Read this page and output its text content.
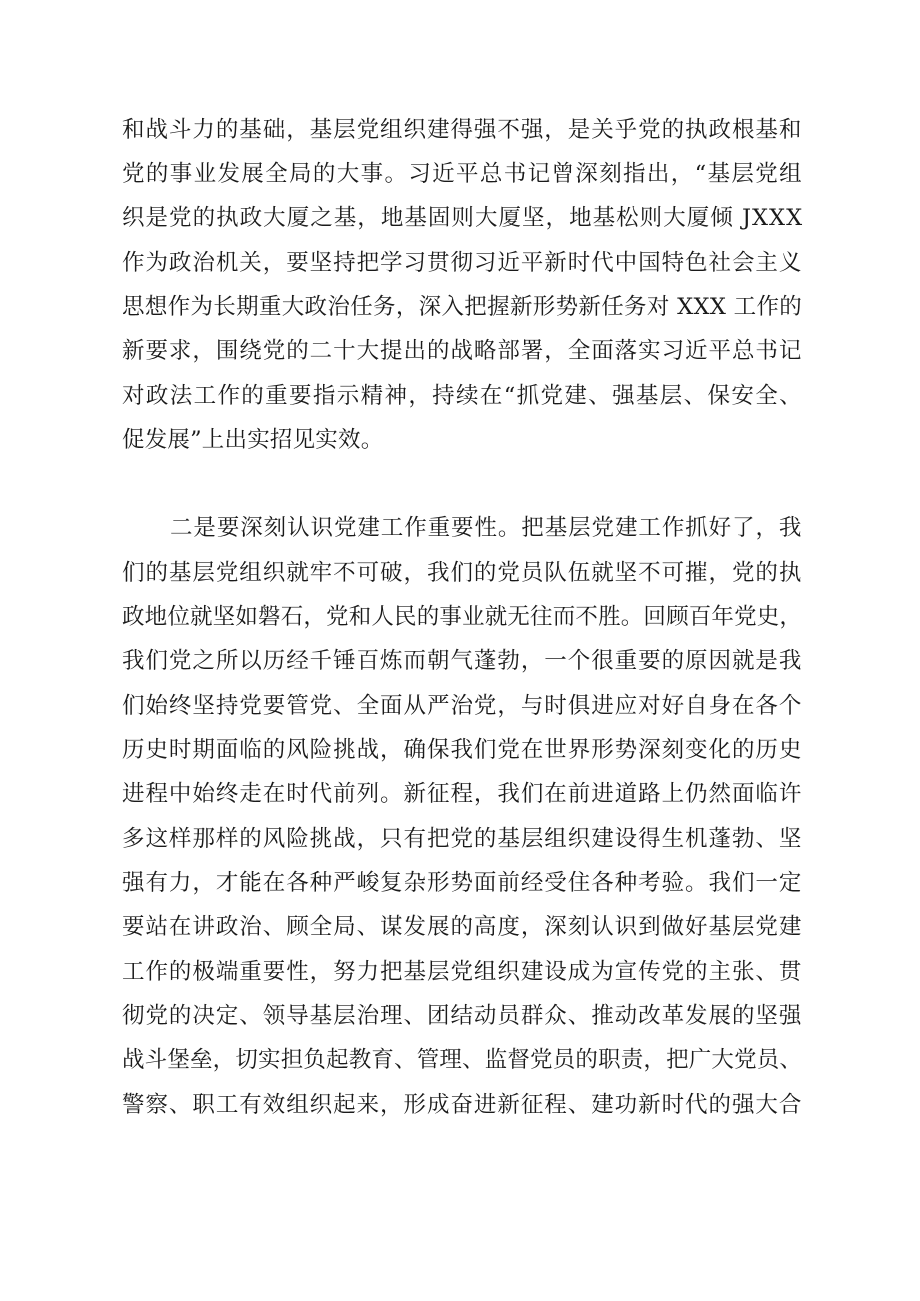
和战斗力的基础，基层党组织建得强不强，是关乎党的执政根基和
党的事业发展全局的大事。习近平总书记曾深刻指出，“基层党组
织是党的执政大厦之基，地基固则大厦坚，地基松则大厦倾 JXXX
作为政治机关，要坚持把学习贯彻习近平新时代中国特色社会主义
思想作为长期重大政治任务，深入把握新形势新任务对 XXX 工作的
新要求，围绕党的二十大提出的战略部署，全面落实习近平总书记
对政法工作的重要指示精神，持续在“抓党建、强基层、保安全、
促发展”上出实招见实效。
二是要深刻认识党建工作重要性。把基层党建工作抓好了，我
们的基层党组织就牢不可破，我们的党员队伍就坚不可摧，党的执
政地位就坚如磐石，党和人民的事业就无往而不胜。回顾百年党史，
我们党之所以历经千锤百炼而朝气蓬勃，一个很重要的原因就是我
们始终坚持党要管党、全面从严治党，与时俱进应对好自身在各个
历史时期面临的风险挑战，确保我们党在世界形势深刻变化的历史
进程中始终走在时代前列。新征程，我们在前进道路上仍然面临许
多这样那样的风险挑战，只有把党的基层组织建设得生机蓬勃、坚
强有力，才能在各种严峻复杂形势面前经受住各种考验。我们一定
要站在讲政治、顾全局、谋发展的高度，深刻认识到做好基层党建
工作的极端重要性，努力把基层党组织建设成为宣传党的主张、贯
彻党的决定、领导基层治理、团结动员群众、推动改革发展的坚强
战斗堡垒，切实担负起教育、管理、监督党员的职责，把广大党员、
警察、职工有效组织起来，形成奋进新征程、建功新时代的强大合
